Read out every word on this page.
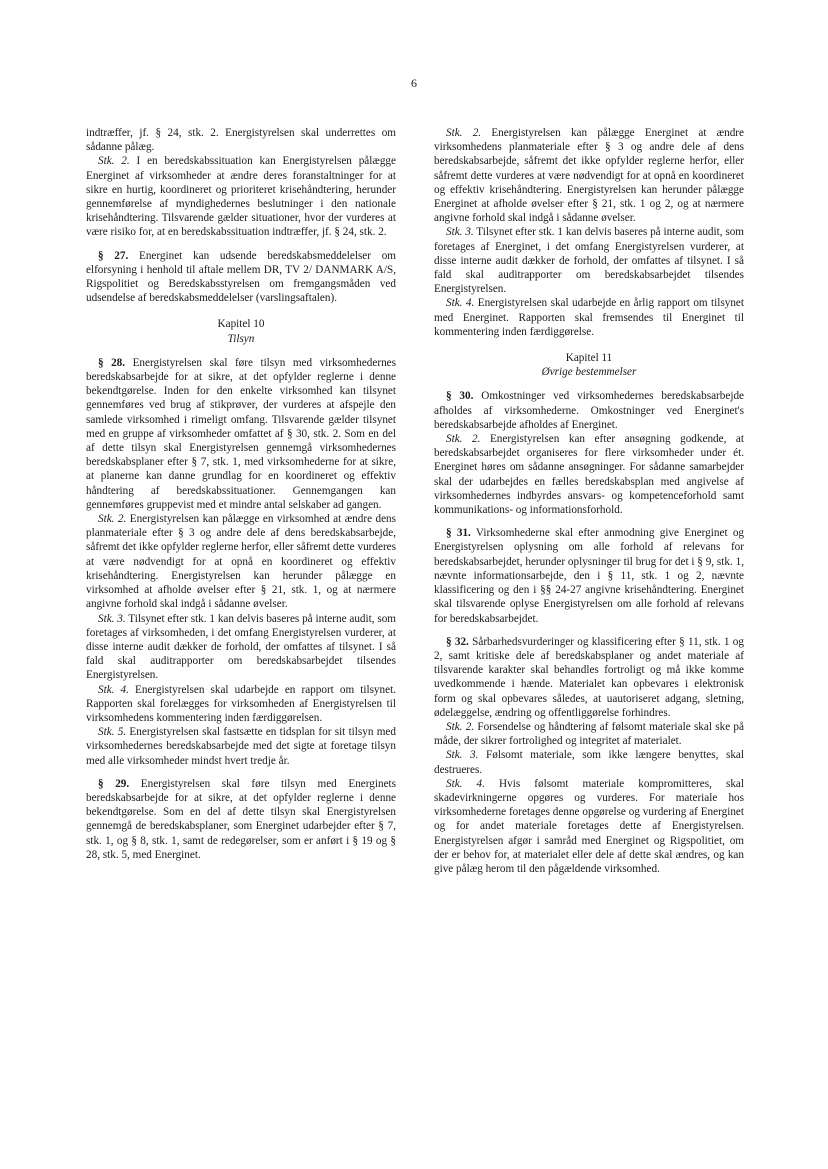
6

indtræffer, jf. § 24, stk. 2. Energistyrelsen skal underrettes om sådanne pålæg.

Stk. 2. I en beredskabssituation kan Energistyrelsen pålægge Energinet af virksomheder at ændre deres foranstaltninger for at sikre en hurtig, koordineret og prioriteret krisehåndtering, herunder gennemførelse af myndighedernes beslutninger i den nationale krisehåndtering. Tilsvarende gælder situationer, hvor der vurderes at være risiko for, at en beredskabssituation indtræffer, jf. § 24, stk. 2.

§ 27. Energinet kan udsende beredskabsmeddelelser om elforsyning i henhold til aftale mellem DR, TV 2/ DANMARK A/S, Rigspolitiet og Beredskabsstyrelsen om fremgangsmåden ved udsendelse af beredskabsmeddelelser (varslingsaftalen).

Kapitel 10

Tilsyn

§ 28. Energistyrelsen skal føre tilsyn med virksomhedernes beredskabsarbejde for at sikre, at det opfylder reglerne i denne bekendtgørelse. Inden for den enkelte virksomhed kan tilsynet gennemføres ved brug af stikprøver, der vurderes at afspejle den samlede virksomhed i rimeligt omfang. Tilsvarende gælder tilsynet med en gruppe af virksomheder omfattet af § 30, stk. 2. Som en del af dette tilsyn skal Energistyrelsen gennemgå virksomhedernes beredskabsplaner efter § 7, stk. 1, med virksomhederne for at sikre, at planerne kan danne grundlag for en koordineret og effektiv håndtering af beredskabssituationer. Gennemgangen kan gennemføres gruppevist med et mindre antal selskaber ad gangen.

Stk. 2. Energistyrelsen kan pålægge en virksomhed at ændre dens planmateriale efter § 3 og andre dele af dens beredskabsarbejde, såfremt det ikke opfylder reglerne herfor, eller såfremt dette vurderes at være nødvendigt for at opnå en koordineret og effektiv krisehåndtering. Energistyrelsen kan herunder pålægge en virksomhed at afholde øvelser efter § 21, stk. 1, og at nærmere angivne forhold skal indgå i sådanne øvelser.

Stk. 3. Tilsynet efter stk. 1 kan delvis baseres på interne audit, som foretages af virksomheden, i det omfang Energistyrelsen vurderer, at disse interne audit dækker de forhold, der omfattes af tilsynet. I så fald skal auditrapporter om beredskabsarbejdet tilsendes Energistyrelsen.

Stk. 4. Energistyrelsen skal udarbejde en rapport om tilsynet. Rapporten skal forelægges for virksomheden af Energistyrelsen til virksomhedens kommentering inden færdiggørelsen.

Stk. 5. Energistyrelsen skal fastsætte en tidsplan for sit tilsyn med virksomhedernes beredskabsarbejde med det sigte at foretage tilsyn med alle virksomheder mindst hvert tredje år.

§ 29. Energistyrelsen skal føre tilsyn med Energinets beredskabsarbejde for at sikre, at det opfylder reglerne i denne bekendtgørelse. Som en del af dette tilsyn skal Energistyrelsen gennemgå de beredskabsplaner, som Energinet udarbejder efter § 7, stk. 1, og § 8, stk. 1, samt de redegørelser, som er anført i § 19 og § 28, stk. 5, med Energinet.

Stk. 2. Energistyrelsen kan pålægge Energinet at ændre virksomhedens planmateriale efter § 3 og andre dele af dens beredskabsarbejde, såfremt det ikke opfylder reglerne herfor, eller såfremt dette vurderes at være nødvendigt for at opnå en koordineret og effektiv krisehåndtering. Energistyrelsen kan herunder pålægge Energinet at afholde øvelser efter § 21, stk. 1 og 2, og at nærmere angivne forhold skal indgå i sådanne øvelser.

Stk. 3. Tilsynet efter stk. 1 kan delvis baseres på interne audit, som foretages af Energinet, i det omfang Energistyrelsen vurderer, at disse interne audit dækker de forhold, der omfattes af tilsynet. I så fald skal auditrapporter om beredskabsarbejdet tilsendes Energistyrelsen.

Stk. 4. Energistyrelsen skal udarbejde en årlig rapport om tilsynet med Energinet. Rapporten skal fremsendes til Energinet til kommentering inden færdiggørelse.

Kapitel 11

Øvrige bestemmelser

§ 30. Omkostninger ved virksomhedernes beredskabsarbejde afholdes af virksomhederne. Omkostninger ved Energinet's beredskabsarbejde afholdes af Energinet.

Stk. 2. Energistyrelsen kan efter ansøgning godkende, at beredskabsarbejdet organiseres for flere virksomheder under ét. Energinet høres om sådanne ansøgninger. For sådanne samarbejder skal der udarbejdes en fælles beredskabsplan med angivelse af virksomhedernes indbyrdes ansvars- og kompetenceforhold samt kommunikations- og informationsforhold.

§ 31. Virksomhederne skal efter anmodning give Energinet og Energistyrelsen oplysning om alle forhold af relevans for beredskabsarbejdet, herunder oplysninger til brug for det i § 9, stk. 1, nævnte informationsarbejde, den i § 11, stk. 1 og 2, nævnte klassificering og den i §§ 24-27 angivne krisehåndtering. Energinet skal tilsvarende oplyse Energistyrelsen om alle forhold af relevans for beredskabsarbejdet.

§ 32. Sårbarhedsvurderinger og klassificering efter § 11, stk. 1 og 2, samt kritiske dele af beredskabsplaner og andet materiale af tilsvarende karakter skal behandles fortroligt og må ikke komme uvedkommende i hænde. Materialet kan opbevares i elektronisk form og skal opbevares således, at uautoriseret adgang, sletning, ødelæggelse, ændring og offentliggørelse forhindres.

Stk. 2. Forsendelse og håndtering af følsomt materiale skal ske på måde, der sikrer fortrolighed og integritet af materialet.

Stk. 3. Følsomt materiale, som ikke længere benyttes, skal destrueres.

Stk. 4. Hvis følsomt materiale kompromitteres, skal skadevirkningerne opgøres og vurderes. For materiale hos virksomhederne foretages denne opgørelse og vurdering af Energinet og for andet materiale foretages dette af Energistyrelsen. Energistyrelsen afgør i samråd med Energinet og Rigspolitiet, om der er behov for, at materialet eller dele af dette skal ændres, og kan give pålæg herom til den pågældende virksomhed.
